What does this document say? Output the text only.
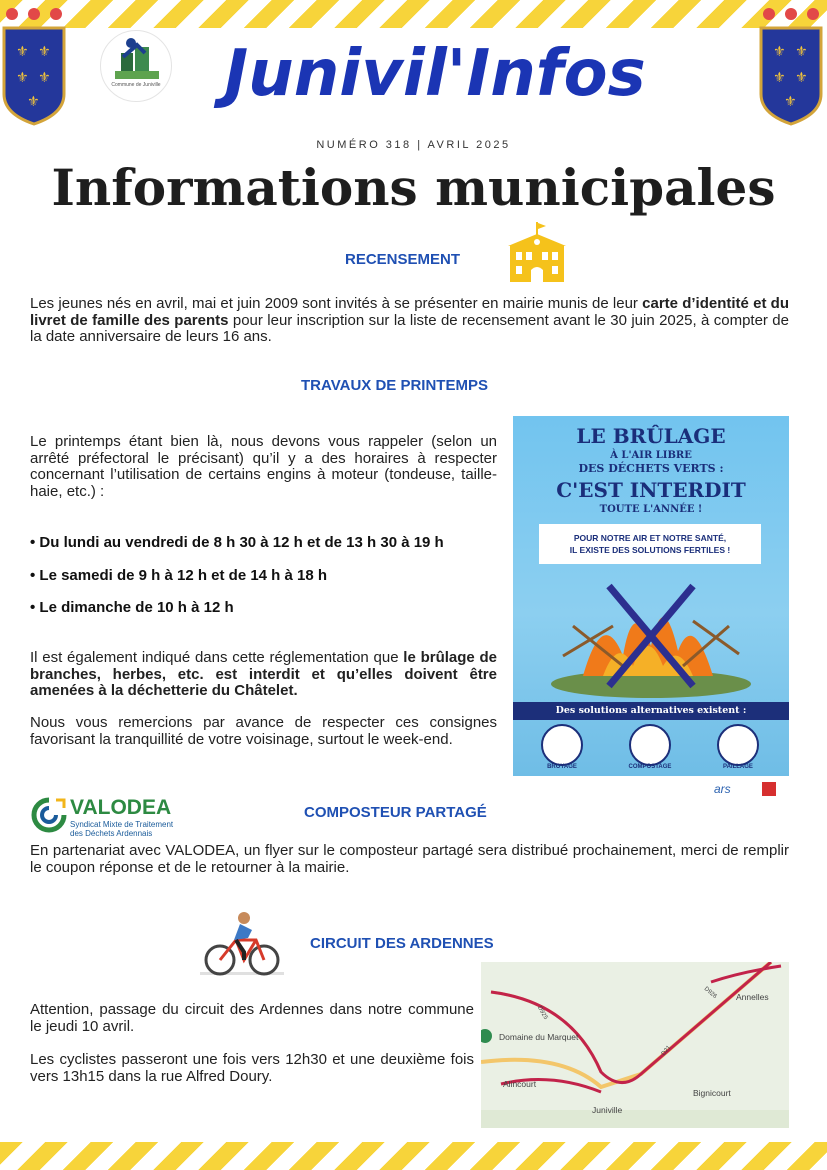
⚜ ⚜
⚜ ⚜
⚜
⚜ ⚜
⚜ ⚜
⚜
Commune de Juniville Junivil'Infos
NUMÉRO 318 | AVRIL 2025
Informations municipales
RECENSEMENT
Les jeunes nés en avril, mai et juin 2009 sont invités à se présenter en mairie munis de leur carte d’identité et du livret de famille des parents pour leur inscription sur la liste de recensement avant le 30 juin 2025, à compter de la date anniversaire de leurs 16 ans.
TRAVAUX DE PRINTEMPS
Le printemps étant bien là, nous devons vous rappeler (selon un arrêté préfectoral le précisant) qu’il y a des horaires à respecter concernant l’utilisation de certains engins à moteur (tondeuse, taille-haie, etc.) :
• Du lundi au vendredi de 8 h 30 à 12 h et de 13 h 30 à 19 h
• Le samedi de 9 h à 12 h et de 14 h à 18 h
• Le dimanche de 10 h à 12 h
Il est également indiqué dans cette réglementation que le brûlage de branches, herbes, etc. est interdit et qu’elles doivent être amenées à la déchetterie du Châtelet.
Nous vous remercions par avance de respecter ces consignes favorisant la tranquillité de votre voisinage, surtout le week-end.
LE BRÛLAGE
À L'AIR LIBRE
DES DÉCHETS VERTS :
C'EST INTERDIT
TOUTE L'ANNÉE !
POUR NOTRE AIR ET NOTRE SANTÉ,
IL EXISTE DES SOLUTIONS FERTILES !
Des solutions alternatives existent :
BROYAGE	COMPOSTAGE	PAILLAGE
ars
VALODEA
Syndicat Mixte de Traitement
des Déchets Ardennais
COMPOSTEUR PARTAGÉ
En partenariat avec VALODEA, un flyer sur le composteur partagé sera distribué prochainement, merci de remplir le coupon réponse et de le retourner à la mairie.
CIRCUIT DES ARDENNES
Attention, passage du circuit des Ardennes dans notre commune le jeudi 10 avril.
Les cyclistes passeront une fois vers 12h30 et une deuxième fois vers 13h15 dans la rue Alfred Doury.
Annelles
Domaine du Marquet
Alincourt
Juniville
Bignicourt
D925
D926
D21
